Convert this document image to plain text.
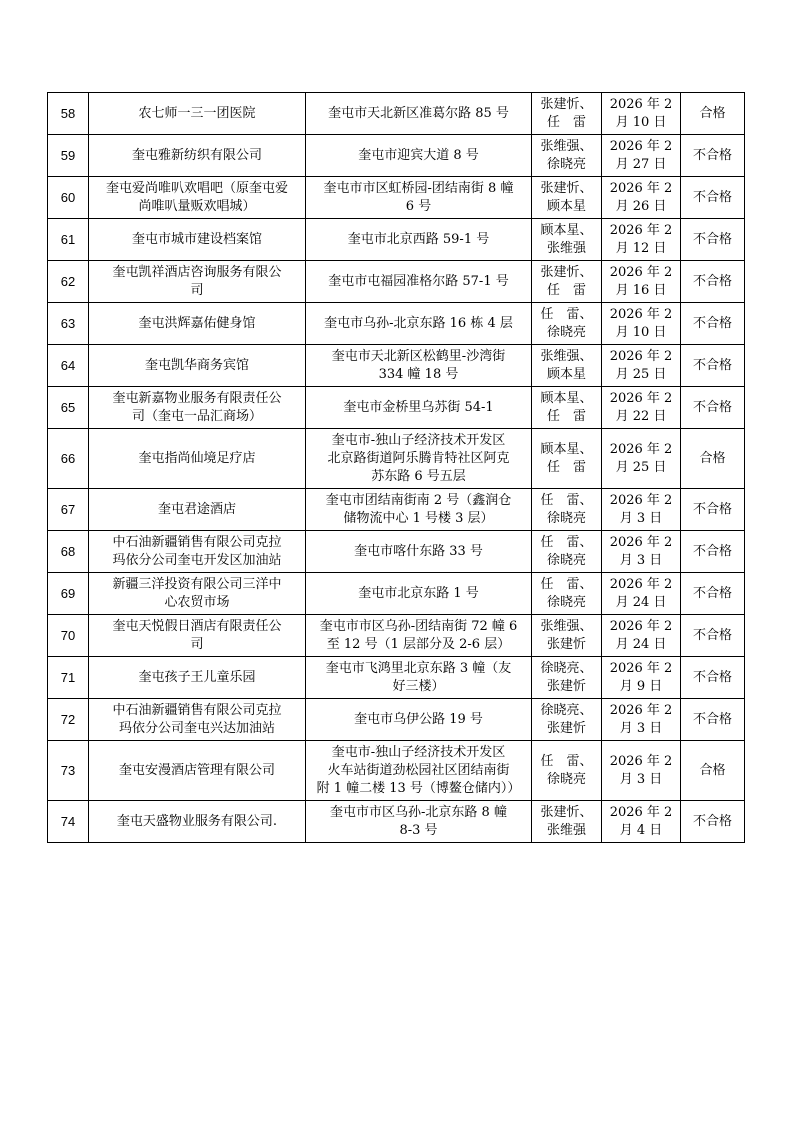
58	农七师一三一团医院	奎屯市天北新区准葛尔路 85 号	张建忻、
任　雷	2026 年 2
月 10 日	合格
59	奎屯雅新纺织有限公司	奎屯市迎宾大道 8 号	张维强、
徐晓亮	2026 年 2
月 27 日	不合格
60	奎屯爱尚唯叭欢唱吧（原奎屯爱
尚唯叭量贩欢唱城）	奎屯市市区虹桥园-团结南街 8 幢
6 号	张建忻、
顾本星	2026 年 2
月 26 日	不合格
61	奎屯市城市建设档案馆	奎屯市北京西路 59-1 号	顾本星、
张维强	2026 年 2
月 12 日	不合格
62	奎屯凯祥酒店咨询服务有限公
司	奎屯市屯福园准格尔路 57-1 号	张建忻、
任　雷	2026 年 2
月 16 日	不合格
63	奎屯洪辉嘉佑健身馆	奎屯市乌孙-北京东路 16 栋 4 层	任　雷、
徐晓亮	2026 年 2
月 10 日	不合格
64	奎屯凯华商务宾馆	奎屯市天北新区松鹤里-沙湾街
334 幢 18 号	张维强、
顾本星	2026 年 2
月 25 日	不合格
65	奎屯新嘉物业服务有限责任公
司（奎屯一品汇商场）	奎屯市金桥里乌苏街 54-1	顾本星、
任　雷	2026 年 2
月 22 日	不合格
66	奎屯指尚仙境足疗店	奎屯市-独山子经济技术开发区
北京路街道阿乐腾肯特社区阿克
苏东路 6 号五层	顾本星、
任　雷	2026 年 2
月 25 日	合格
67	奎屯君途酒店	奎屯市团结南街南 2 号（鑫润仓
储物流中心 1 号楼 3 层）	任　雷、
徐晓亮	2026 年 2
月 3 日	不合格
68	中石油新疆销售有限公司克拉
玛依分公司奎屯开发区加油站	奎屯市喀什东路 33 号	任　雷、
徐晓亮	2026 年 2
月 3 日	不合格
69	新疆三洋投资有限公司三洋中
心农贸市场	奎屯市北京东路 1 号	任　雷、
徐晓亮	2026 年 2
月 24 日	不合格
70	奎屯天悦假日酒店有限责任公
司	奎屯市市区乌孙-团结南街 72 幢 6
至 12 号（1 层部分及 2-6 层）	张维强、
张建忻	2026 年 2
月 24 日	不合格
71	奎屯孩子王儿童乐园	奎屯市飞鸿里北京东路 3 幢（友
好三楼）	徐晓亮、
张建忻	2026 年 2
月 9 日	不合格
72	中石油新疆销售有限公司克拉
玛依分公司奎屯兴达加油站	奎屯市乌伊公路 19 号	徐晓亮、
张建忻	2026 年 2
月 3 日	不合格
73	奎屯安漫酒店管理有限公司	奎屯市-独山子经济技术开发区
火车站街道劲松园社区团结南街
附 1 幢二楼 13 号（博鳌仓储内））	任　雷、
徐晓亮	2026 年 2
月 3 日	合格
74	奎屯天盛物业服务有限公司.	奎屯市市区乌孙-北京东路 8 幢
8-3 号	张建忻、
张维强	2026 年 2
月 4 日	不合格
